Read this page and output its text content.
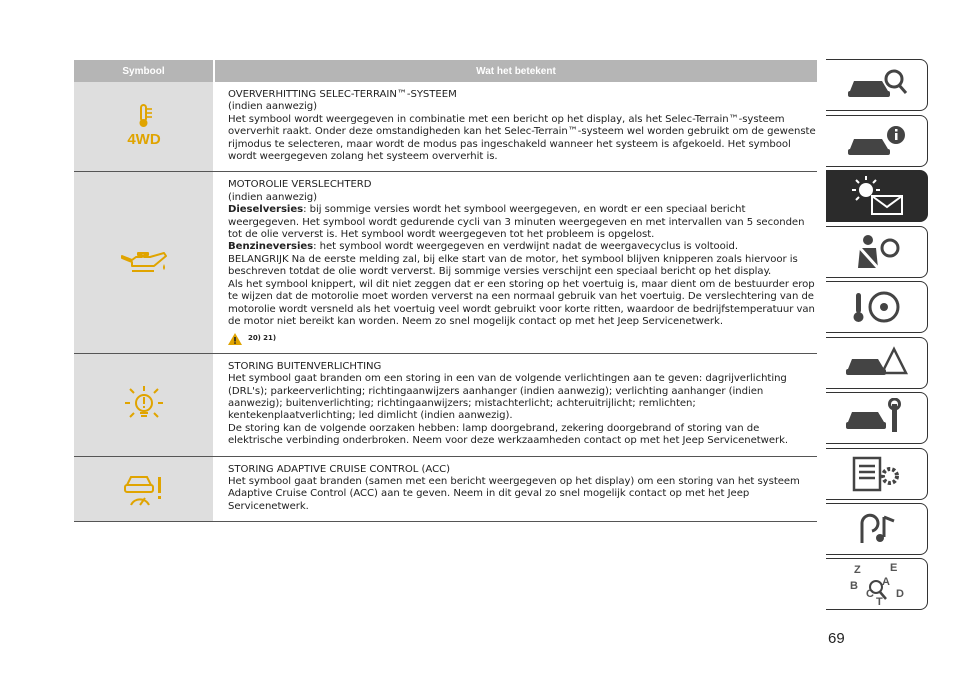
Symbool	Wat het betekent
4WD

OVERVERHITTING SELEC-TERRAIN™-SYSTEEM

(indien aanwezig)

Het symbool wordt weergegeven in combinatie met een bericht op het display, als het Selec-Terrain™-systeem oververhit raakt. Onder deze omstandigheden kan het Selec-Terrain™-systeem wel worden gebruikt om de gewenste rijmodus te selecteren, maar wordt de modus pas ingeschakeld wanneer het systeem is afgekoeld. Het symbool wordt weergegeven zolang het systeem oververhit is.

MOTOROLIE VERSLECHTERD

(indien aanwezig)

Dieselversies: bij sommige versies wordt het symbool weergegeven, en wordt er een speciaal bericht weergegeven. Het symbool wordt gedurende cycli van 3 minuten weergegeven en met intervallen van 5 seconden tot de olie ververst is. Het symbool wordt weergegeven tot het probleem is opgelost.

Benzineversies: het symbool wordt weergegeven en verdwijnt nadat de weergavecyclus is voltooid.

BELANGRIJK Na de eerste melding zal, bij elke start van de motor, het symbool blijven knipperen zoals hiervoor is beschreven totdat de olie wordt ververst. Bij sommige versies verschijnt een speciaal bericht op het display.

Als het symbool knippert, wil dit niet zeggen dat er een storing op het voertuig is, maar dient om de bestuurder erop te wijzen dat de motorolie moet worden ververst na een normaal gebruik van het voertuig. De verslechtering van de motorolie wordt versneld als het voertuig veel wordt gebruikt voor korte ritten, waardoor de bedrijfstemperatuur van de motor niet bereikt kan worden. Neem zo snel mogelijk contact op met het Jeep Servicenetwerk.

20) 21)

STORING BUITENVERLICHTING

Het symbool gaat branden om een storing in een van de volgende verlichtingen aan te geven: dagrijverlichting (DRL's); parkeerverlichting; richtingaanwijzers aanhanger (indien aanwezig); verlichting aanhanger (indien aanwezig); buitenverlichting; richtingaanwijzers; mistachterlicht; achteruitrijlicht; remlichten; kentekenplaatverlichting; led dimlicht (indien aanwezig).

De storing kan de volgende oorzaken hebben: lamp doorgebrand, zekering doorgebrand of storing van de elektrische verbinding onderbroken. Neem voor deze werkzaamheden contact op met het Jeep Servicenetwerk.

STORING ADAPTIVE CRUISE CONTROL (ACC)

Het symbool gaat branden (samen met een bericht weergegeven op het display) om een storing van het systeem Adaptive Cruise Control (ACC) aan te geven. Neem in dit geval zo snel mogelijk contact op met het Jeep Servicenetwerk.

Z	E
A
B
C
T
D
69
